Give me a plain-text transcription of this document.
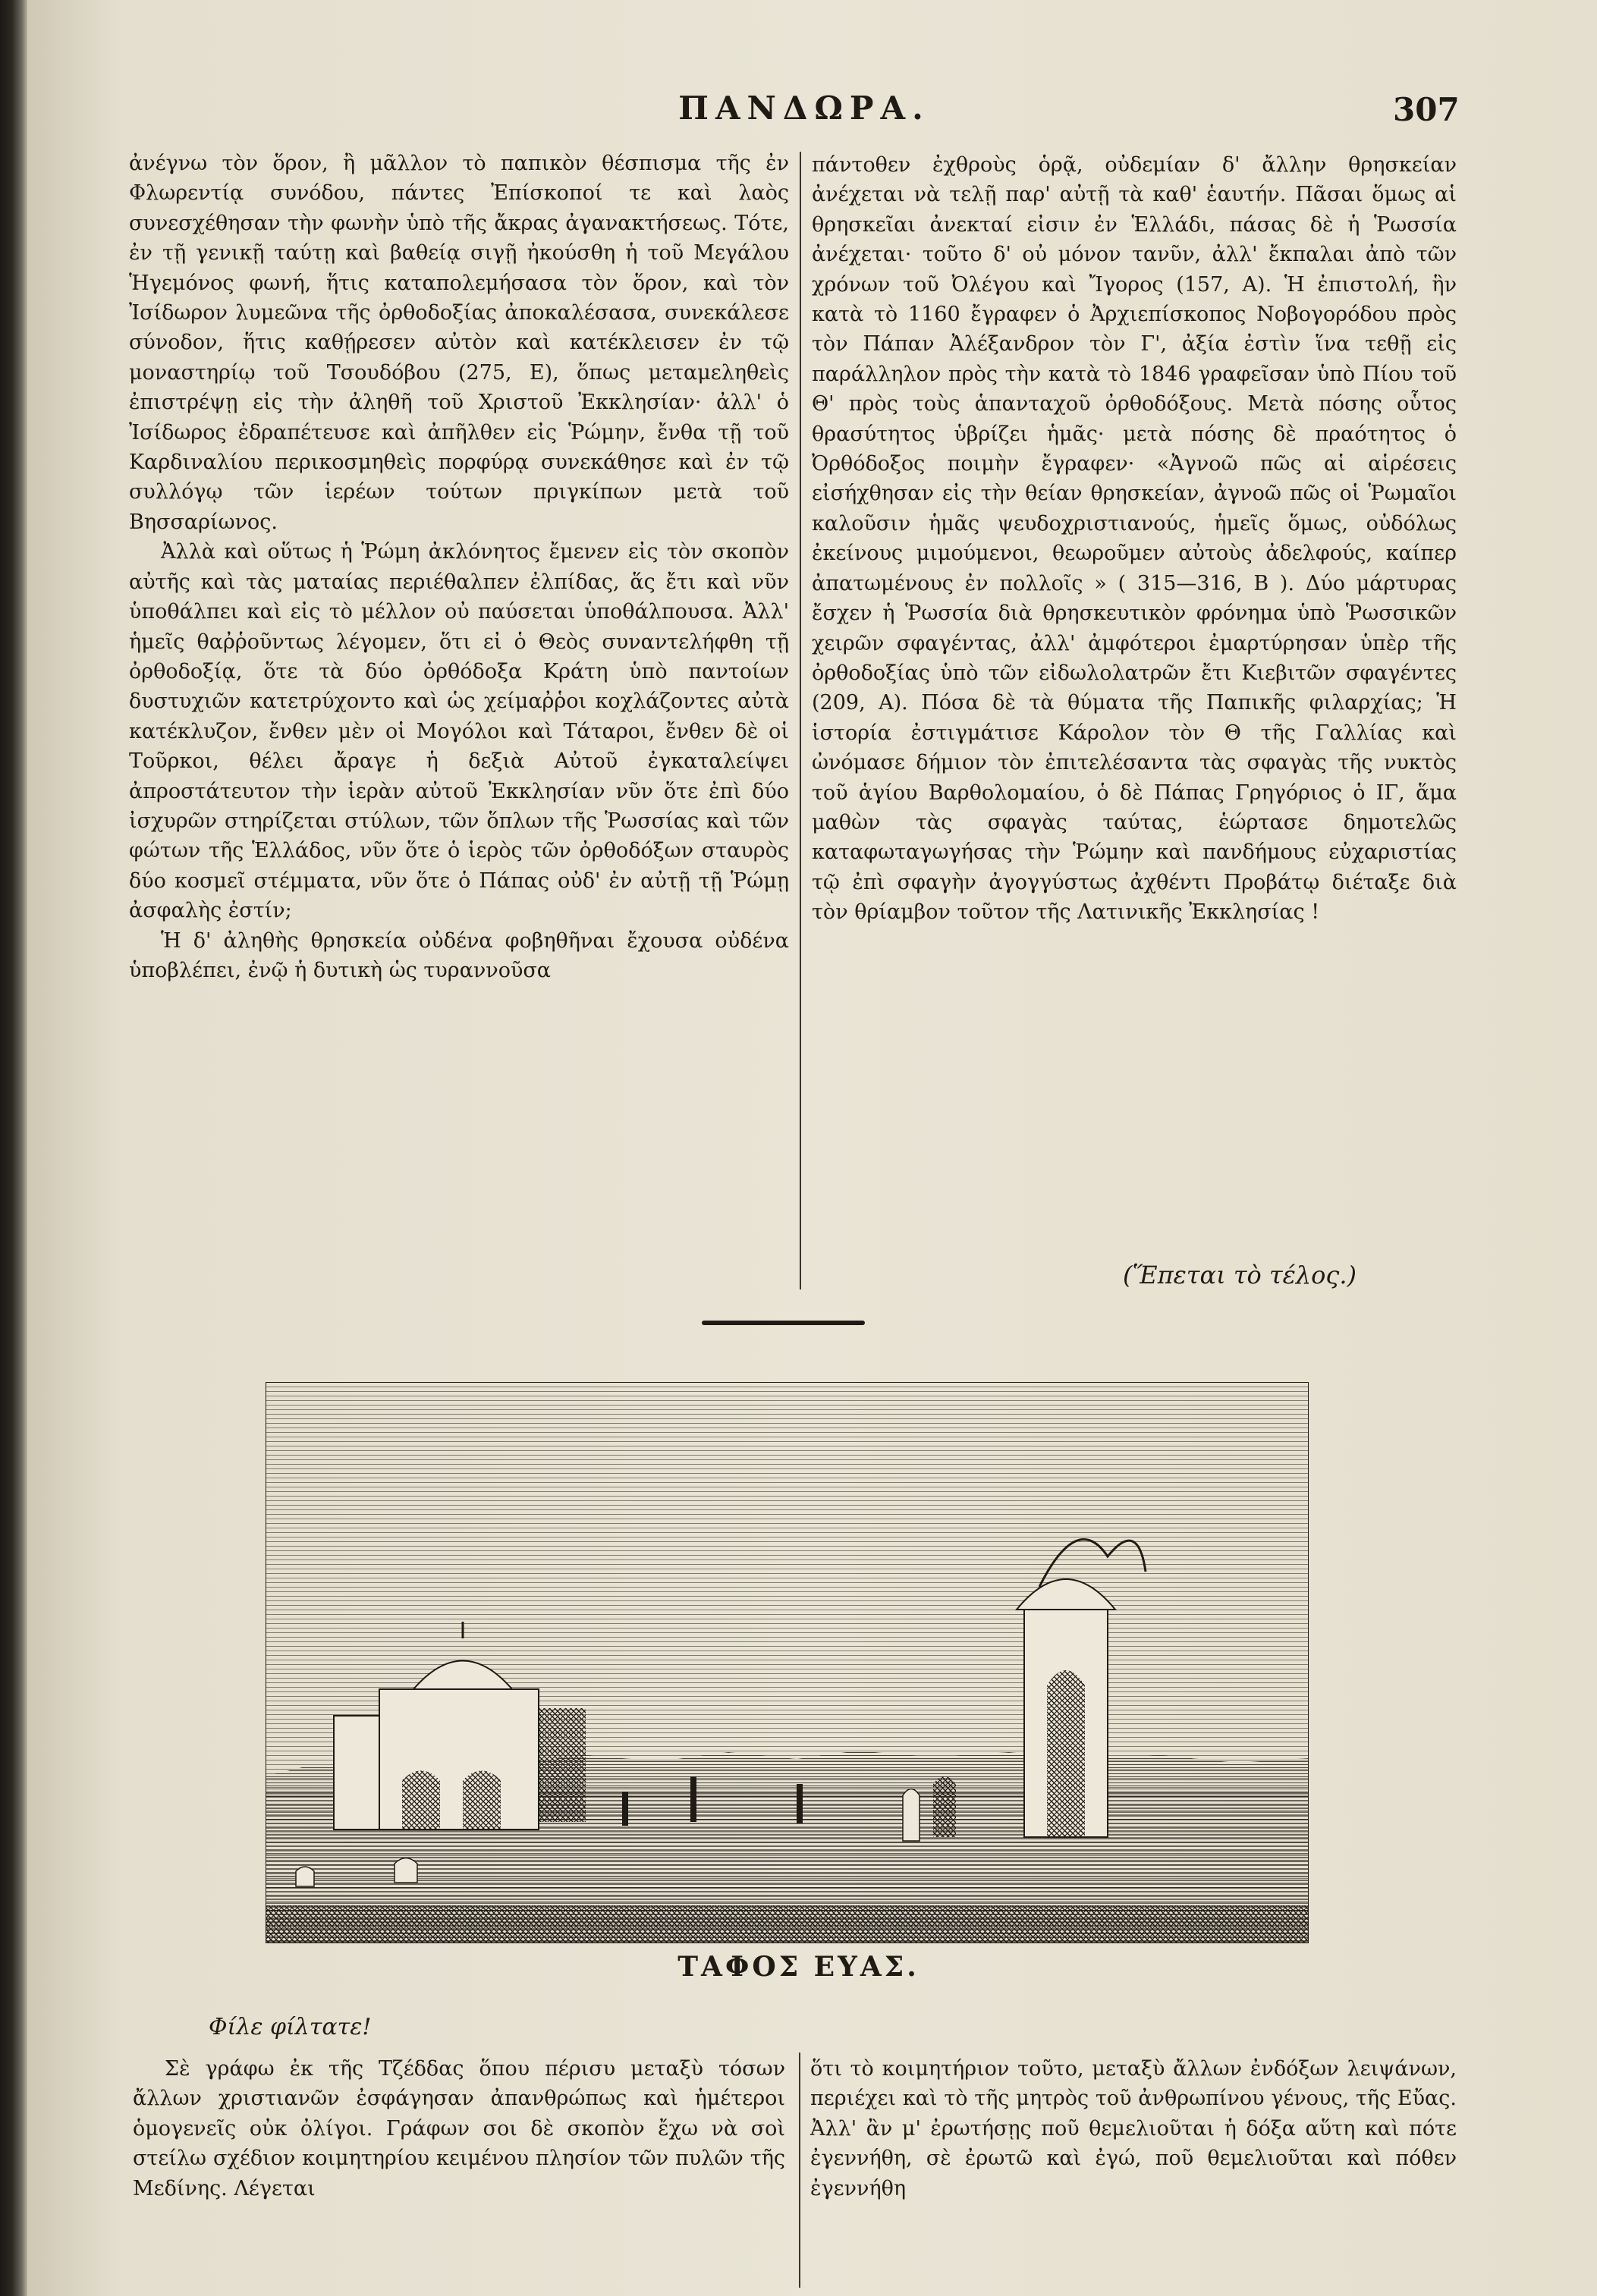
ΠΑΝΔΩΡΑ.	307

ἀνέγνω τὸν ὅρον, ἢ μᾶλλον τὸ παπικὸν θέσπισμα τῆς ἐν Φλωρεντίᾳ συνόδου, πάντες Ἐπίσκοποί τε καὶ λαὸς συνεσχέθησαν τὴν φωνὴν ὑπὸ τῆς ἄκρας ἀγανακτήσεως. Τότε, ἐν τῇ γενικῇ ταύτῃ καὶ βαθείᾳ σιγῇ ἠκούσθη ἡ τοῦ Μεγάλου Ἡγεμόνος φωνή, ἥτις καταπολεμήσασα τὸν ὅρον, καὶ τὸν Ἰσίδωρον λυμεῶνα τῆς ὀρθοδοξίας ἀποκαλέσασα, συνεκάλεσε σύνοδον, ἥτις καθῄρεσεν αὐτὸν καὶ κατέκλεισεν ἐν τῷ μοναστηρίῳ τοῦ Τσουδόβου (275, Ε), ὅπως μεταμεληθεὶς ἐπιστρέψῃ εἰς τὴν ἀληθῆ τοῦ Χριστοῦ Ἐκκλησίαν· ἀλλ' ὁ Ἰσίδωρος ἐδραπέτευσε καὶ ἀπῆλθεν εἰς Ῥώμην, ἔνθα τῇ τοῦ Καρδιναλίου περικοσμηθεὶς πορφύρᾳ συνεκάθησε καὶ ἐν τῷ συλλόγῳ τῶν ἱερέων τούτων πριγκίπων μετὰ τοῦ Βησσαρίωνος.

Ἀλλὰ καὶ οὕτως ἡ Ῥώμη ἀκλόνητος ἔμενεν εἰς τὸν σκοπὸν αὐτῆς καὶ τὰς ματαίας περιέθαλπεν ἐλπίδας, ἅς ἔτι καὶ νῦν ὑποθάλπει καὶ εἰς τὸ μέλλον οὐ παύσεται ὑποθάλπουσα. Ἀλλ' ἡμεῖς θαῤῥοῦντως λέγομεν, ὅτι εἰ ὁ Θεὸς συναντελήφθη τῇ ὀρθοδοξίᾳ, ὅτε τὰ δύο ὀρθόδοξα Κράτη ὑπὸ παντοίων δυστυχιῶν κατετρύχοντο καὶ ὡς χείμαῤῥοι κοχλάζοντες αὐτὰ κατέκλυζον, ἔνθεν μὲν οἱ Μογόλοι καὶ Τάταροι, ἔνθεν δὲ οἱ Τοῦρκοι, θέλει ἄραγε ἡ δεξιὰ Αὐτοῦ ἐγκαταλείψει ἀπροστάτευτον τὴν ἱερὰν αὐτοῦ Ἐκκλησίαν νῦν ὅτε ἐπὶ δύο ἰσχυρῶν στηρίζεται στύλων, τῶν ὅπλων τῆς Ῥωσσίας καὶ τῶν φώτων τῆς Ἑλλάδος, νῦν ὅτε ὁ ἱερὸς τῶν ὀρθοδόξων σταυρὸς δύο κοσμεῖ στέμματα, νῦν ὅτε ὁ Πάπας οὐδ' ἐν αὐτῇ τῇ Ῥώμῃ ἀσφαλὴς ἐστίν;

Ἡ δ' ἀληθὴς θρησκεία οὐδένα φοβηθῆναι ἔχουσα οὐδένα ὑποβλέπει, ἐνῷ ἡ δυτικὴ ὡς τυραννοῦσα

πάντοθεν ἐχθροὺς ὁρᾷ, οὐδεμίαν δ' ἄλλην θρησκείαν ἀνέχεται νὰ τελῇ παρ' αὐτῇ τὰ καθ' ἑαυτήν. Πᾶσαι ὅμως αἱ θρησκεῖαι ἀνεκταί εἰσιν ἐν Ἑλλάδι, πάσας δὲ ἡ Ῥωσσία ἀνέχεται· τοῦτο δ' οὐ μόνον τανῦν, ἀλλ' ἔκπαλαι ἀπὸ τῶν χρόνων τοῦ Ὀλέγου καὶ Ἴγορος (157, Α). Ἡ ἐπιστολή, ἣν κατὰ τὸ 1160 ἔγραφεν ὁ Ἀρχιεπίσκοπος Νοβογορόδου πρὸς τὸν Πάπαν Ἀλέξανδρον τὸν Γ', ἀξία ἐστὶν ἵνα τεθῇ εἰς παράλληλον πρὸς τὴν κατὰ τὸ 1846 γραφεῖσαν ὑπὸ Πίου τοῦ Θ' πρὸς τοὺς ἁπανταχοῦ ὀρθοδόξους. Μετὰ πόσης οὗτος θρασύτητος ὑβρίζει ἡμᾶς· μετὰ πόσης δὲ πραότητος ὁ Ὀρθόδοξος ποιμὴν ἔγραφεν· «Ἀγνοῶ πῶς αἱ αἱρέσεις εἰσήχθησαν εἰς τὴν θείαν θρησκείαν, ἀγνοῶ πῶς οἱ Ῥωμαῖοι καλοῦσιν ἡμᾶς ψευδοχριστιανούς, ἡμεῖς ὅμως, οὐδόλως ἐκείνους μιμούμενοι, θεωροῦμεν αὐτοὺς ἀδελφούς, καίπερ ἀπατωμένους ἐν πολλοῖς » ( 315—316, Β ). Δύο μάρτυρας ἔσχεν ἡ Ῥωσσία διὰ θρησκευτικὸν φρόνημα ὑπὸ Ῥωσσικῶν χειρῶν σφαγέντας, ἀλλ' ἀμφότεροι ἐμαρτύρησαν ὑπὲρ τῆς ὀρθοδοξίας ὑπὸ τῶν εἰδωλολατρῶν ἔτι Κιεβιτῶν σφαγέντες (209, Α). Πόσα δὲ τὰ θύματα τῆς Παπικῆς φιλαρχίας; Ἡ ἱστορία ἐστιγμάτισε Κάρολον τὸν Θ τῆς Γαλλίας καὶ ὠνόμασε δήμιον τὸν ἐπιτελέσαντα τὰς σφαγὰς τῆς νυκτὸς τοῦ ἁγίου Βαρθολομαίου, ὁ δὲ Πάπας Γρηγόριος ὁ ΙΓ, ἅμα μαθὼν τὰς σφαγὰς ταύτας, ἑώρτασε δημοτελῶς καταφωταγωγήσας τὴν Ῥώμην καὶ πανδήμους εὐχαριστίας τῷ ἐπὶ σφαγὴν ἀγογγύστως ἀχθέντι Προβάτῳ διέταξε διὰ τὸν θρίαμβον τοῦτον τῆς Λατινικῆς Ἐκκλησίας !

(Ἕπεται τὸ τέλος.)
ΤΑΦΟΣ ΕΥΑΣ.
Φίλε φίλτατε!

Σὲ γράφω ἐκ τῆς Τζέδδας ὅπου πέρισυ μεταξὺ τόσων ἄλλων χριστιανῶν ἐσφάγησαν ἀπανθρώπως καὶ ἡμέτεροι ὁμογενεῖς οὐκ ὀλίγοι. Γράφων σοι δὲ σκοπὸν ἔχω νὰ σοὶ στείλω σχέδιον κοιμητηρίου κειμένου πλησίον τῶν πυλῶν τῆς Μεδίνης. Λέγεται

ὅτι τὸ κοιμητήριον τοῦτο, μεταξὺ ἄλλων ἐνδόξων λειψάνων, περιέχει καὶ τὸ τῆς μητρὸς τοῦ ἀνθρωπίνου γένους, τῆς Εὔας. Ἀλλ' ἂν μ' ἐρωτήσῃς ποῦ θεμελιοῦται ἡ δόξα αὕτη καὶ πότε ἐγεννήθη, σὲ ἐρωτῶ καὶ ἐγώ, ποῦ θεμελιοῦται καὶ πόθεν ἐγεννήθη
